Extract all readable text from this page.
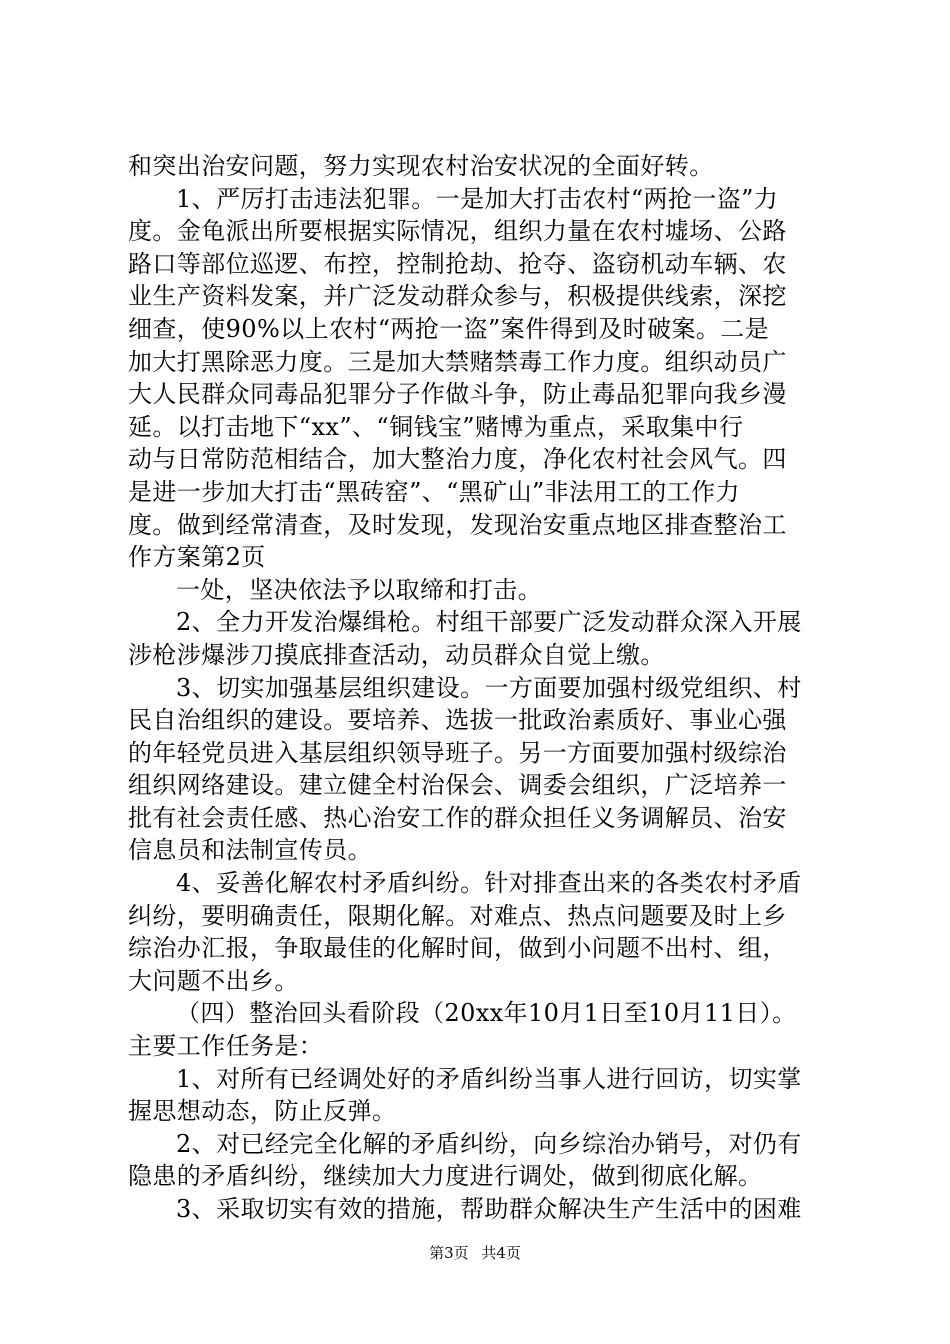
和突出治安问题，努力实现农村治安状况的全面好转。
1、严厉打击违法犯罪。一是加大打击农村“两抢一盗”力
度。金龟派出所要根据实际情况，组织力量在农村墟场、公路
路口等部位巡逻、布控，控制抢劫、抢夺、盗窃机动车辆、农
业生产资料发案，并广泛发动群众参与，积极提供线索，深挖
细查，使90%以上农村“两抢一盗”案件得到及时破案。二是
加大打黑除恶力度。三是加大禁赌禁毒工作力度。组织动员广
大人民群众同毒品犯罪分子作做斗争，防止毒品犯罪向我乡漫
延。以打击地下“xx”、“铜钱宝”赌博为重点，采取集中行
动与日常防范相结合，加大整治力度，净化农村社会风气。四
是进一步加大打击“黑砖窑”、“黑矿山”非法用工的工作力
度。做到经常清查，及时发现，发现治安重点地区排查整治工
作方案第2页
一处，坚决依法予以取缔和打击。
2、全力开发治爆缉枪。村组干部要广泛发动群众深入开展
涉枪涉爆涉刀摸底排查活动，动员群众自觉上缴。
3、切实加强基层组织建设。一方面要加强村级党组织、村
民自治组织的建设。要培养、选拔一批政治素质好、事业心强
的年轻党员进入基层组织领导班子。另一方面要加强村级综治
组织网络建设。建立健全村治保会、调委会组织，广泛培养一
批有社会责任感、热心治安工作的群众担任义务调解员、治安
信息员和法制宣传员。
4、妥善化解农村矛盾纠纷。针对排查出来的各类农村矛盾
纠纷，要明确责任，限期化解。对难点、热点问题要及时上乡
综治办汇报，争取最佳的化解时间，做到小问题不出村、组，
大问题不出乡。
（四）整治回头看阶段（20xx年10月1日至10月11日）。
主要工作任务是：
1、对所有已经调处好的矛盾纠纷当事人进行回访，切实掌
握思想动态，防止反弹。
2、对已经完全化解的矛盾纠纷，向乡综治办销号，对仍有
隐患的矛盾纠纷，继续加大力度进行调处，做到彻底化解。
3、采取切实有效的措施，帮助群众解决生产生活中的困难
第3页 共4页
